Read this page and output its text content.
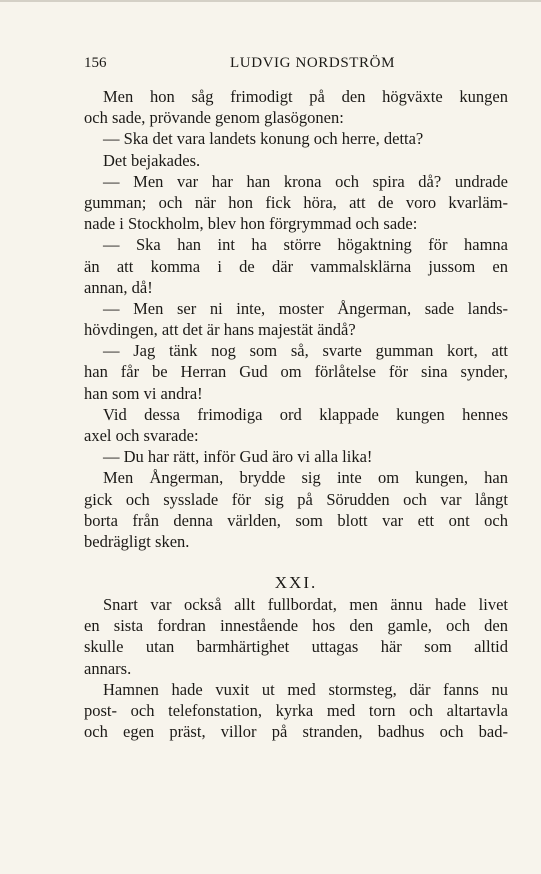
156	LUDVIG NORDSTRÖM
Men hon såg frimodigt på den högväxte kungen
och sade, prövande genom glasögonen:
— Ska det vara landets konung och herre, detta?
Det bejakades.
— Men var har han krona och spira då? undrade
gumman; och när hon fick höra, att de voro kvarläm-
nade i Stockholm, blev hon förgrymmad och sade:
— Ska han int ha större högaktning för hamna
än att komma i de där vammalsklärna jussom en
annan, då!
— Men ser ni inte, moster Ångerman, sade lands-
hövdingen, att det är hans majestät ändå?
— Jag tänk nog som så, svarte gumman kort, att
han får be Herran Gud om förlåtelse för sina synder,
han som vi andra!
Vid dessa frimodiga ord klappade kungen hennes
axel och svarade:
— Du har rätt, inför Gud äro vi alla lika!
Men Ångerman, brydde sig inte om kungen, han
gick och sysslade för sig på Sörudden och var långt
borta från denna världen, som blott var ett ont och
bedrägligt sken.
XXI.
Snart var också allt fullbordat, men ännu hade livet
en sista fordran innestående hos den gamle, och den
skulle utan barmhärtighet uttagas här som alltid
annars.
Hamnen hade vuxit ut med stormsteg, där fanns nu
post- och telefonstation, kyrka med torn och altartavla
och egen präst, villor på stranden, badhus och bad-
